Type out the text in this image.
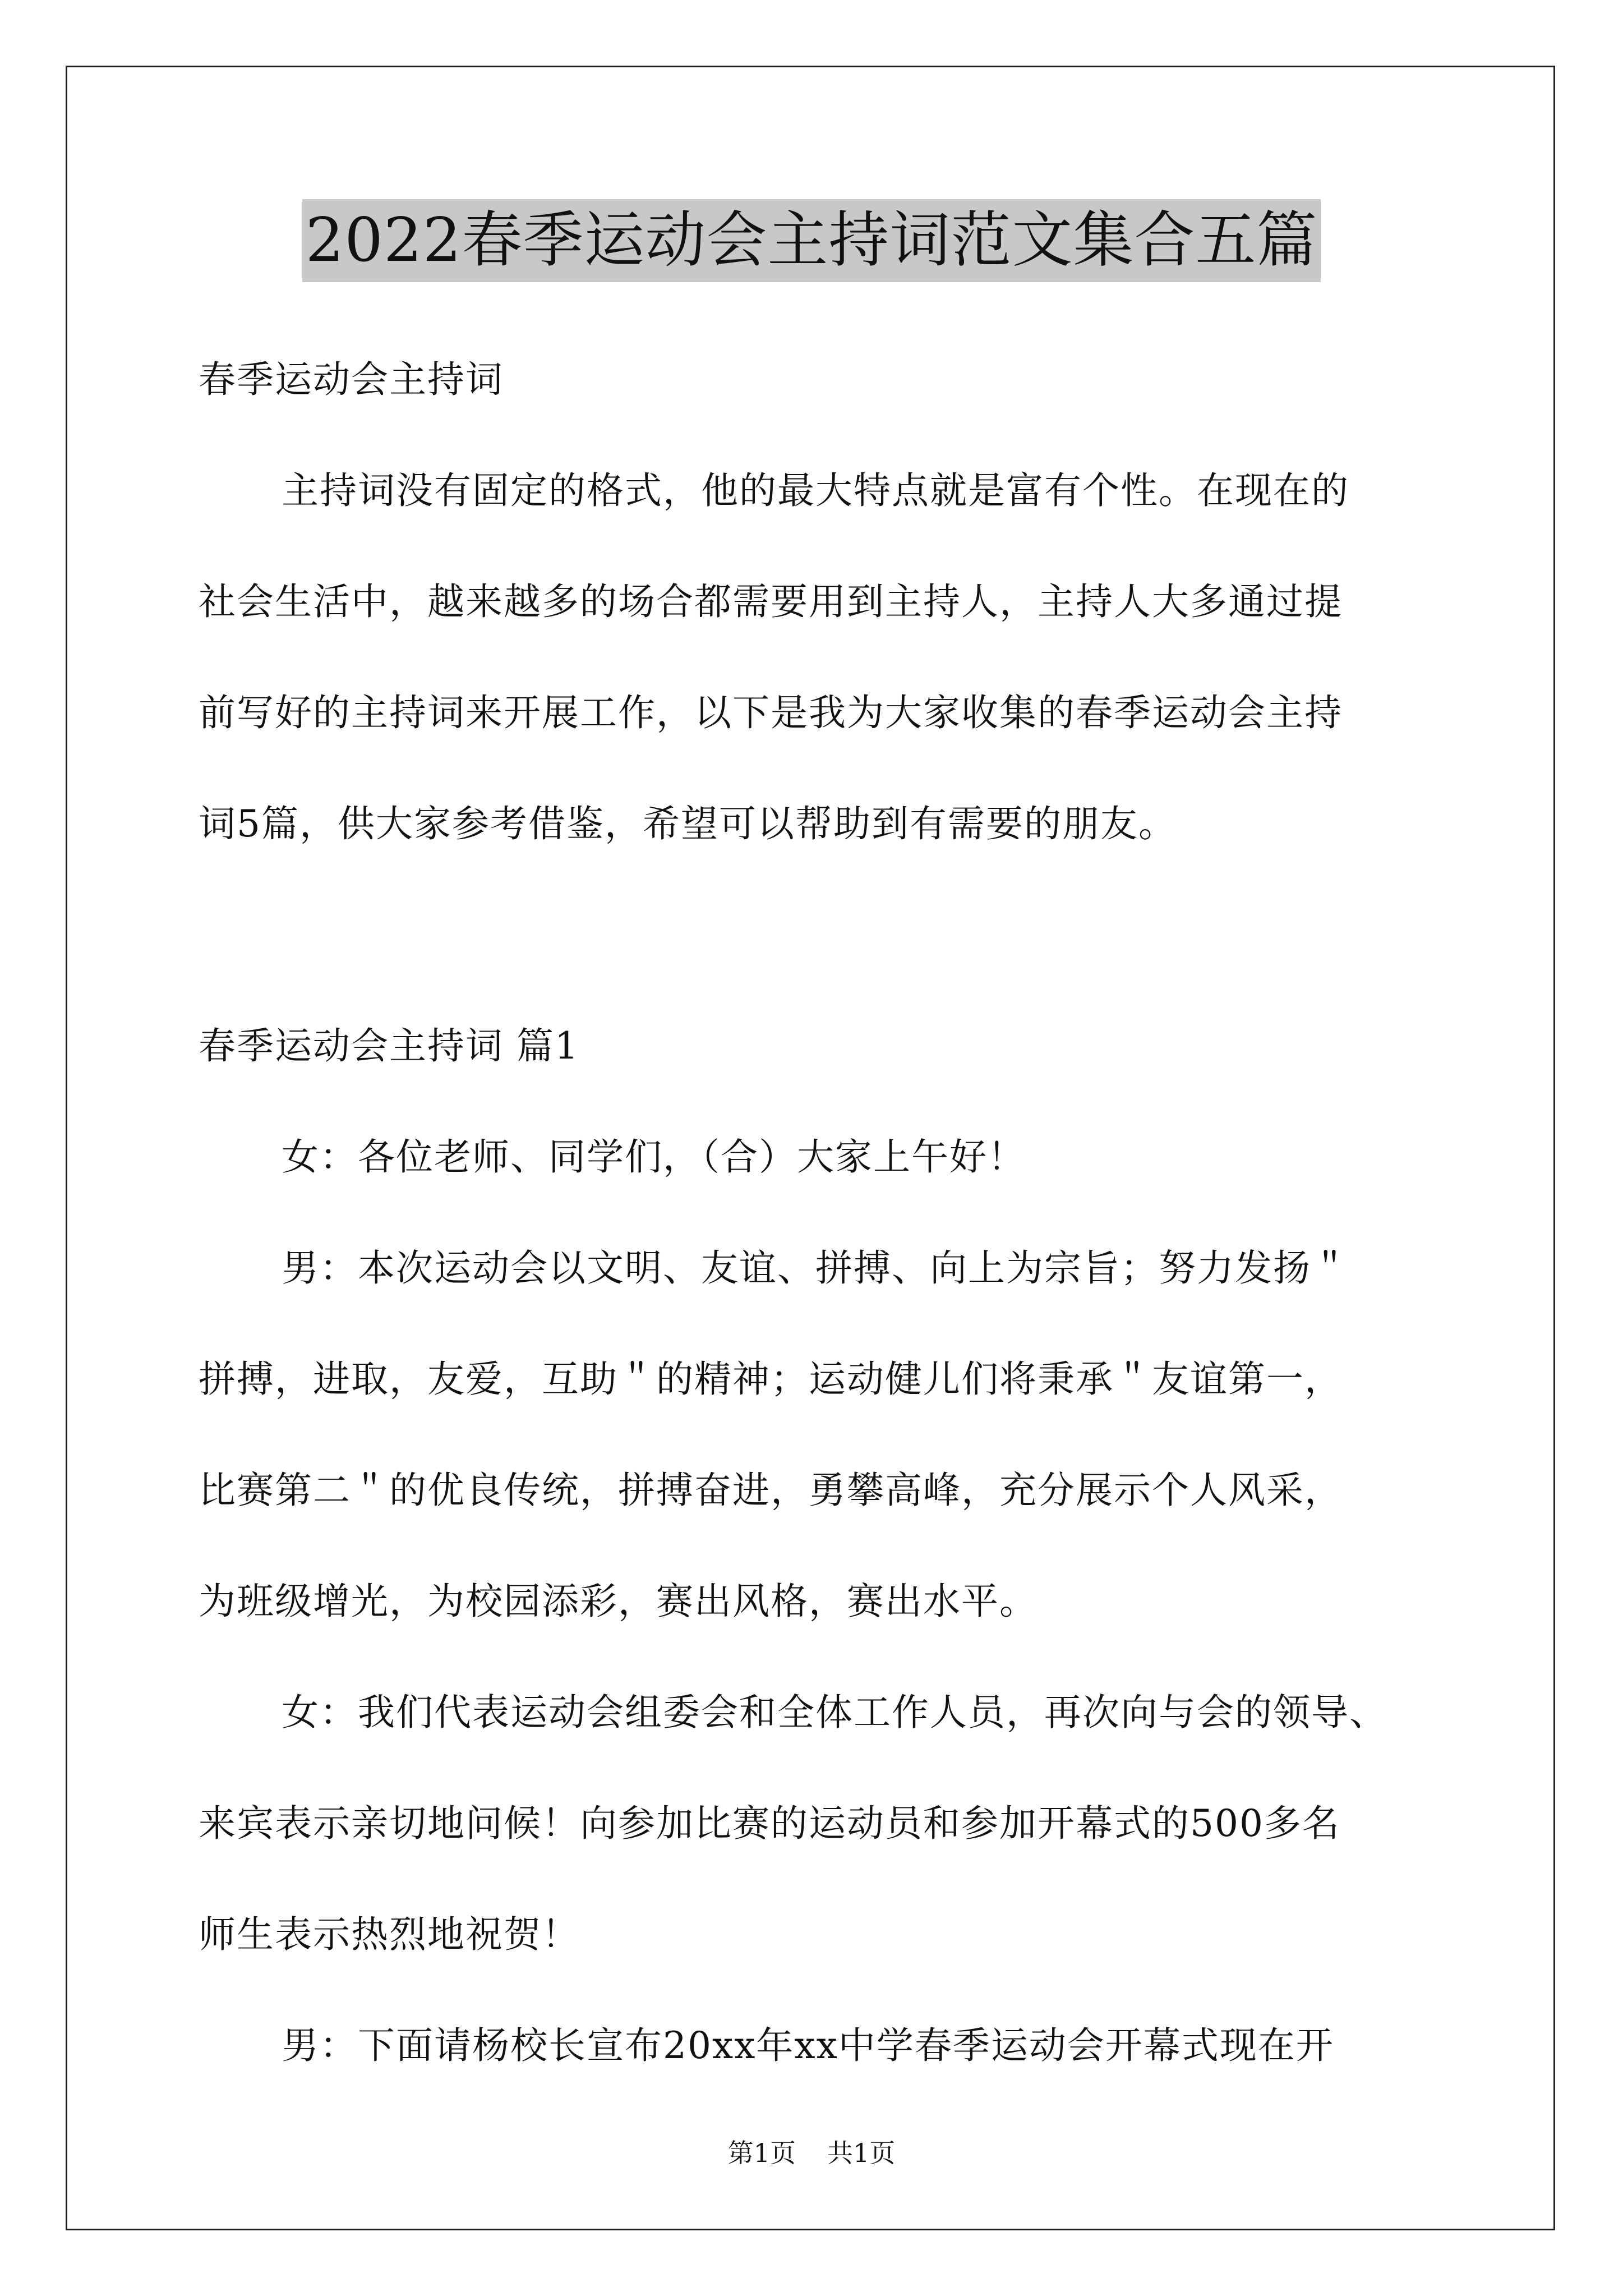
2022春季运动会主持词范文集合五篇
春季运动会主持词
主持词没有固定的格式，他的最大特点就是富有个性。在现在的
社会生活中，越来越多的场合都需要用到主持人，主持人大多通过提
前写好的主持词来开展工作，以下是我为大家收集的春季运动会主持
词5篇，供大家参考借鉴，希望可以帮助到有需要的朋友。
春季运动会主持词 篇1
女：各位老师、同学们，（合）大家上午好！
男：本次运动会以文明、友谊、拼搏、向上为宗旨；努力发扬＂
拼搏，进取，友爱，互助＂的精神；运动健儿们将秉承＂友谊第一，
比赛第二＂的优良传统，拼搏奋进，勇攀高峰，充分展示个人风采，
为班级增光，为校园添彩，赛出风格，赛出水平。
女：我们代表运动会组委会和全体工作人员，再次向与会的领导、
来宾表示亲切地问候！向参加比赛的运动员和参加开幕式的500多名
师生表示热烈地祝贺！
男：下面请杨校长宣布20xx年xx中学春季运动会开幕式现在开
第1页 共1页
